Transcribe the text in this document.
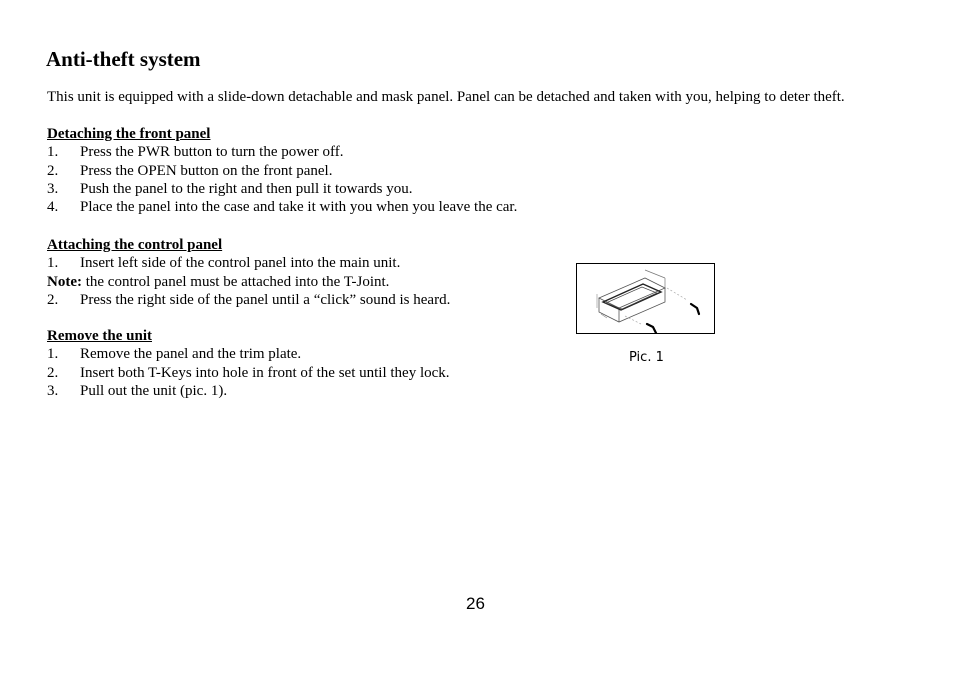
Anti-theft system

This unit is equipped with a slide-down detachable and mask panel. Panel can be detached and taken with you, helping to deter theft.

Detaching the front panel
1. Press the PWR button to turn the power off.
2. Press the OPEN button on the front panel.
3. Push the panel to the right and then pull it towards you.
4. Place the panel into the case and take it with you when you leave the car.
Attaching the control panel
1. Insert left side of the control panel into the main unit.
Note: the control panel must be attached into the T-Joint.
2. Press the right side of the panel until a “click” sound is heard.
Remove the unit
1. Remove the panel and the trim plate.
2. Insert both T-Keys into hole in front of the set until they lock.
3. Pull out the unit (pic. 1).
Pic. 1
26
